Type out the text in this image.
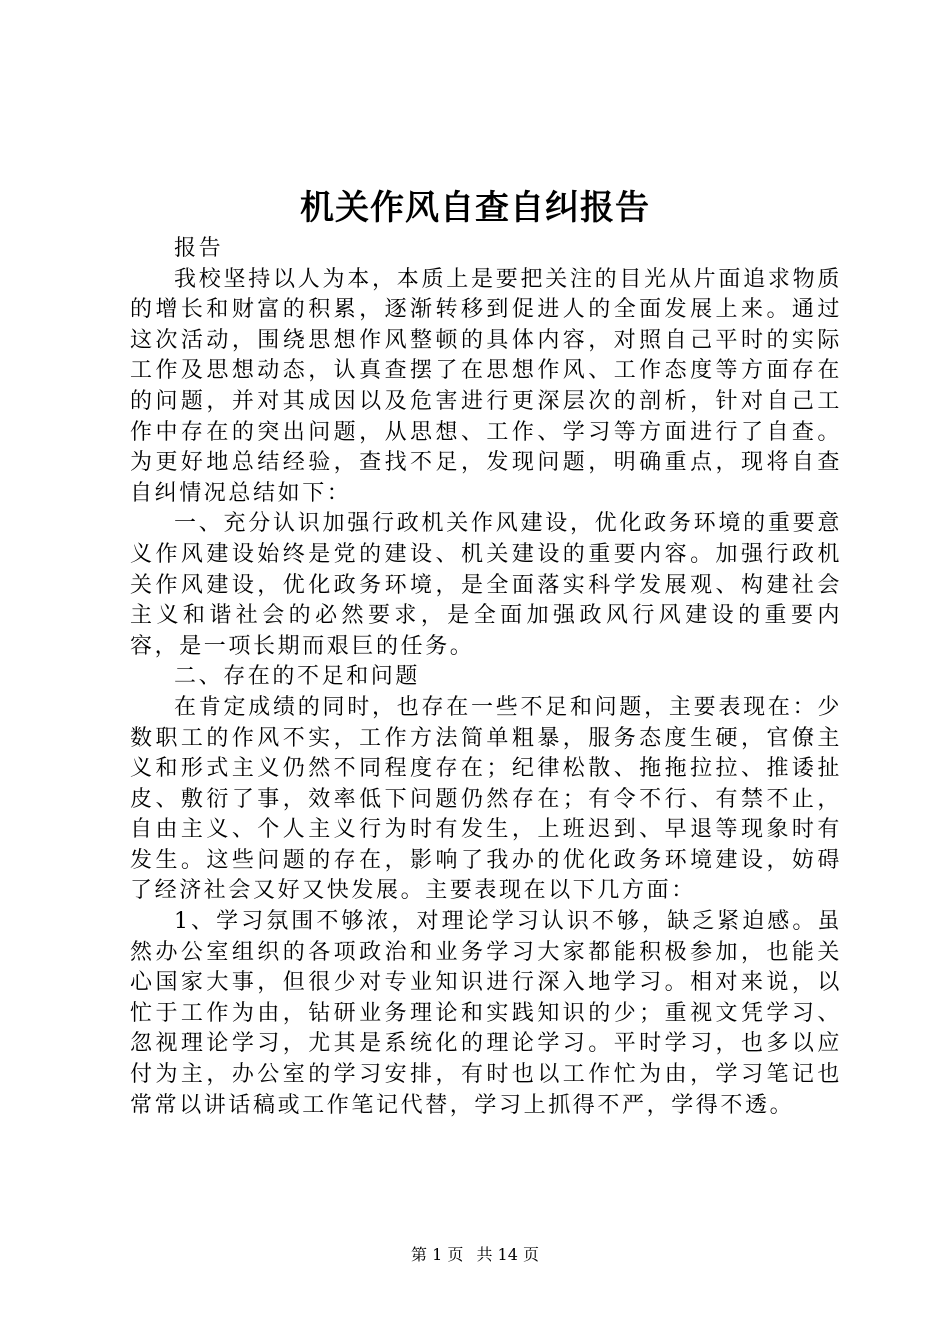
机关作风自查自纠报告

报告

我校坚持以人为本，本质上是要把关注的目光从片面追求物质的增长和财富的积累，逐渐转移到促进人的全面发展上来。通过这次活动，围绕思想作风整顿的具体内容，对照自己平时的实际工作及思想动态，认真查摆了在思想作风、工作态度等方面存在的问题，并对其成因以及危害进行更深层次的剖析，针对自己工作中存在的突出问题，从思想、工作、学习等方面进行了自查。为更好地总结经验，查找不足，发现问题，明确重点，现将自查自纠情况总结如下：

一、充分认识加强行政机关作风建设，优化政务环境的重要意义作风建设始终是党的建设、机关建设的重要内容。加强行政机关作风建设，优化政务环境，是全面落实科学发展观、构建社会主义和谐社会的必然要求，是全面加强政风行风建设的重要内容，是一项长期而艰巨的任务。

二、存在的不足和问题

在肯定成绩的同时，也存在一些不足和问题，主要表现在：少数职工的作风不实，工作方法简单粗暴，服务态度生硬，官僚主义和形式主义仍然不同程度存在；纪律松散、拖拖拉拉、推诿扯皮、敷衍了事，效率低下问题仍然存在；有令不行、有禁不止，自由主义、个人主义行为时有发生，上班迟到、早退等现象时有发生。这些问题的存在，影响了我办的优化政务环境建设，妨碍了经济社会又好又快发展。主要表现在以下几方面：

1、学习氛围不够浓，对理论学习认识不够，缺乏紧迫感。虽然办公室组织的各项政治和业务学习大家都能积极参加，也能关心国家大事，但很少对专业知识进行深入地学习。相对来说，以忙于工作为由，钻研业务理论和实践知识的少；重视文凭学习、忽视理论学习，尤其是系统化的理论学习。平时学习，也多以应付为主，办公室的学习安排，有时也以工作忙为由，学习笔记也常常以讲话稿或工作笔记代替，学习上抓得不严，学得不透。

第 1 页 共 14 页
